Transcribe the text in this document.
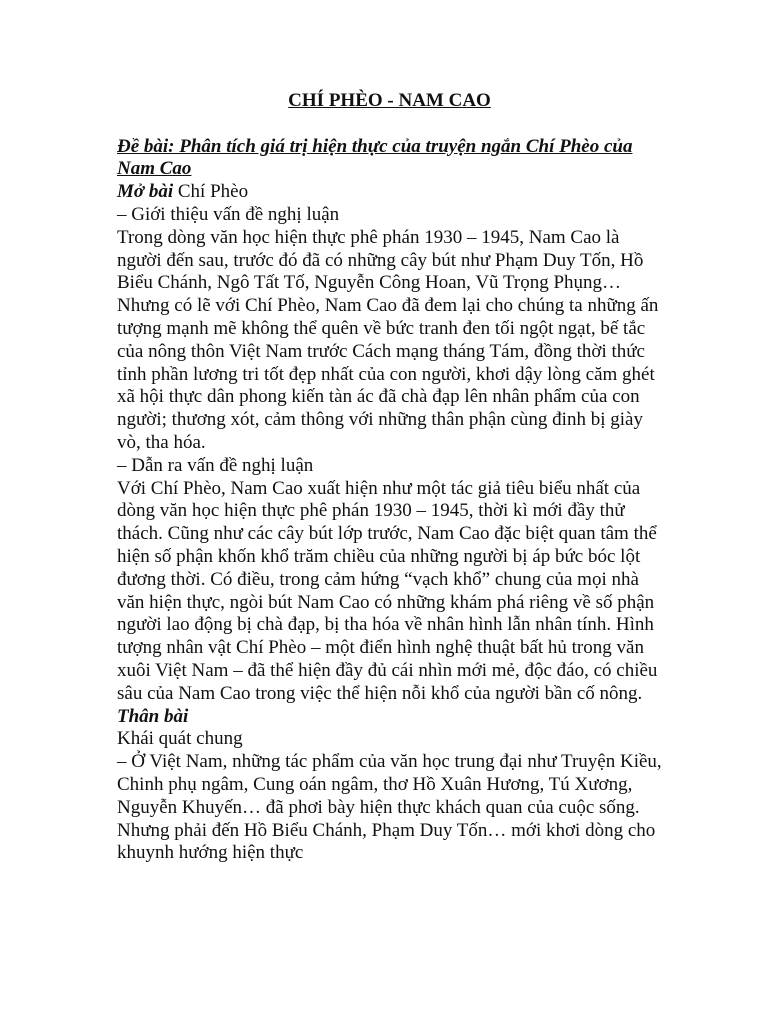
CHÍ PHÈO - NAM CAO

Đề bài: Phân tích giá trị hiện thực của truyện ngắn Chí Phèo của Nam Cao

Mở bài Chí Phèo

– Giới thiệu vấn đề nghị luận

Trong dòng văn học hiện thực phê phán 1930 – 1945, Nam Cao là người đến sau, trước đó đã có những cây bút như Phạm Duy Tốn, Hồ Biểu Chánh, Ngô Tất Tố, Nguyễn Công Hoan, Vũ Trọng Phụng… Nhưng có lẽ với Chí Phèo, Nam Cao đã đem lại cho chúng ta những ấn tượng mạnh mẽ không thể quên về bức tranh đen tối ngột ngạt, bế tắc của nông thôn Việt Nam trước Cách mạng tháng Tám, đồng thời thức tỉnh phần lương tri tốt đẹp nhất của con người, khơi dậy lòng căm ghét xã hội thực dân phong kiến tàn ác đã chà đạp lên nhân phẩm của con người; thương xót, cảm thông với những thân phận cùng đinh bị giày vò, tha hóa.

– Dẫn ra vấn đề nghị luận

Với Chí Phèo, Nam Cao xuất hiện như một tác giả tiêu biểu nhất của dòng văn học hiện thực phê phán 1930 – 1945, thời kì mới đầy thử thách. Cũng như các cây bút lớp trước, Nam Cao đặc biệt quan tâm thể hiện số phận khốn khổ trăm chiều của những người bị áp bức bóc lột đương thời. Có điều, trong cảm hứng “vạch khổ” chung của mọi nhà văn hiện thực, ngòi bút Nam Cao có những khám phá riêng về số phận người lao động bị chà đạp, bị tha hóa về nhân hình lẫn nhân tính. Hình tượng nhân vật Chí Phèo – một điển hình nghệ thuật bất hủ trong văn xuôi Việt Nam – đã thể hiện đầy đủ cái nhìn mới mẻ, độc đáo, có chiều sâu của Nam Cao trong việc thể hiện nỗi khổ của người bần cố nông.

Thân bài

Khái quát chung

– Ở Việt Nam, những tác phẩm của văn học trung đại như Truyện Kiều, Chinh phụ ngâm, Cung oán ngâm, thơ Hồ Xuân Hương, Tú Xương, Nguyễn Khuyến… đã phơi bày hiện thực khách quan của cuộc sống. Nhưng phải đến Hồ Biểu Chánh, Phạm Duy Tốn… mới khơi dòng cho khuynh hướng hiện thực
